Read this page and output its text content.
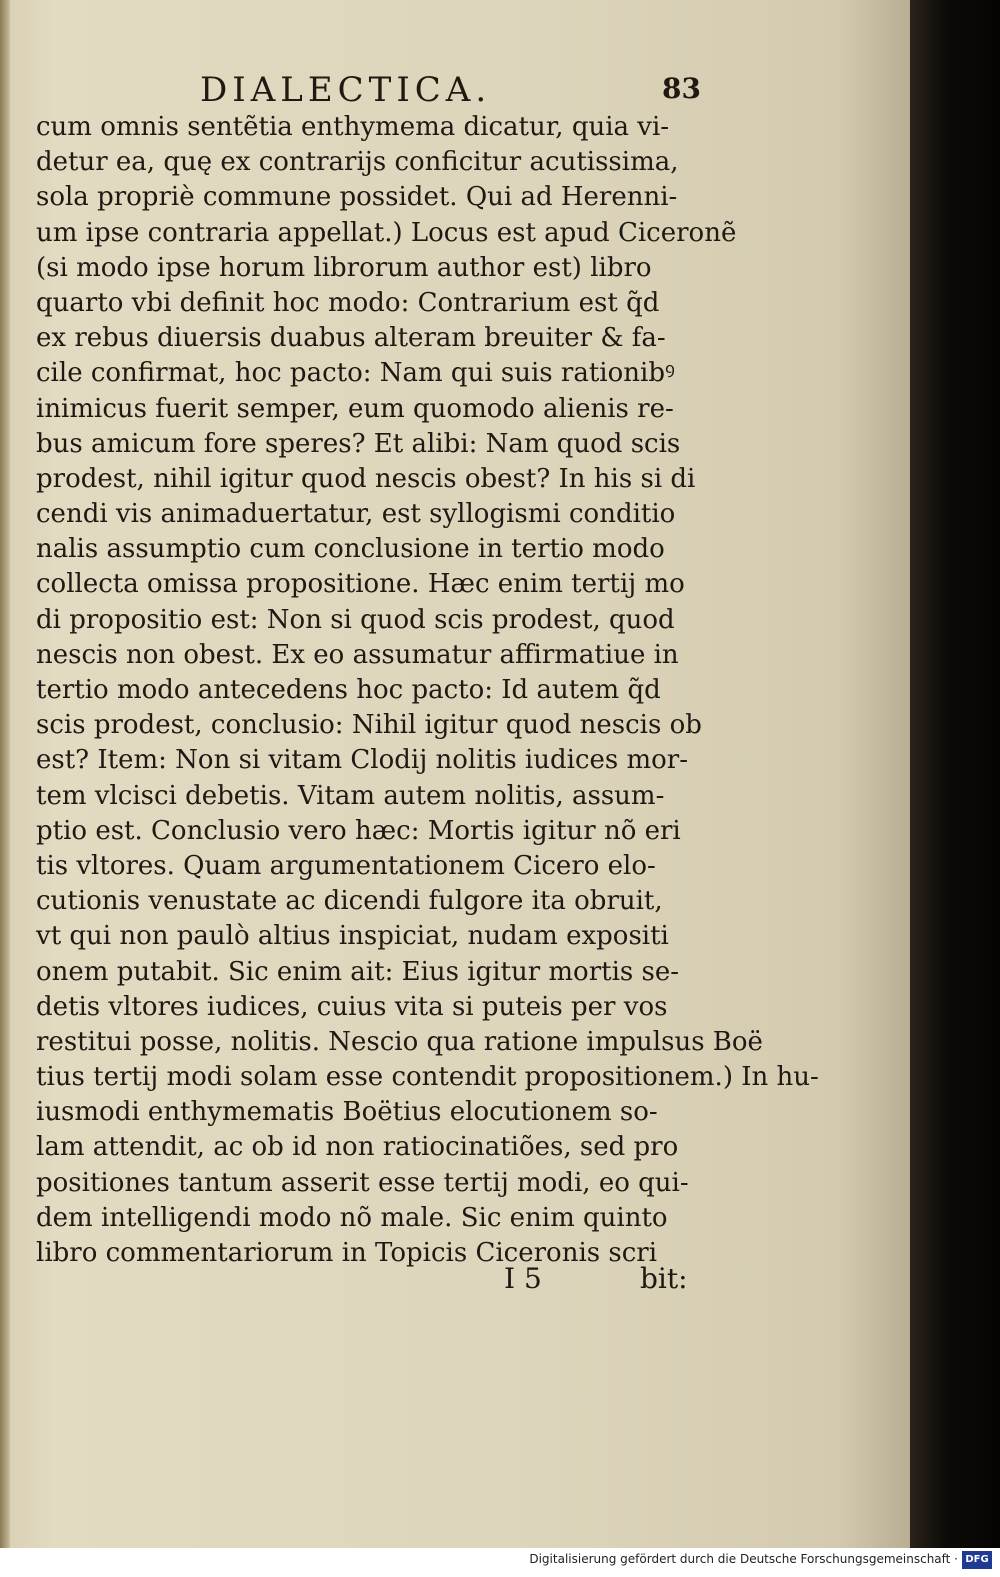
DIALECTICA.	83
cum omnis sentẽtia enthymema dicatur, quia vi-
detur ea, quę ex contrarijs conficitur acutissima,
sola propriè commune possidet. Qui ad Herenni-
um ipse contraria appellat.) Locus est apud Ciceronẽ
(si modo ipse horum librorum author est) libro
quarto vbi definit hoc modo: Contrarium est q̃d
ex rebus diuersis duabus alteram breuiter & fa-
cile confirmat, hoc pacto: Nam qui suis rationibꝰ
inimicus fuerit semper, eum quomodo alienis re-
bus amicum fore speres? Et alibi: Nam quod scis
prodest, nihil igitur quod nescis obest? In his si di
cendi vis animaduertatur, est syllogismi conditio
nalis assumptio cum conclusione in tertio modo
collecta omissa propositione. Hæc enim tertij mo
di propositio est: Non si quod scis prodest, quod
nescis non obest. Ex eo assumatur affirmatiue in
tertio modo antecedens hoc pacto: Id autem q̃d
scis prodest, conclusio: Nihil igitur quod nescis ob
est? Item: Non si vitam Clodij nolitis iudices mor-
tem vlcisci debetis. Vitam autem nolitis, assum-
ptio est. Conclusio vero hæc: Mortis igitur nõ eri
tis vltores. Quam argumentationem Cicero elo-
cutionis venustate ac dicendi fulgore ita obruit,
vt qui non paulò altius inspiciat, nudam expositi
onem putabit. Sic enim ait: Eius igitur mortis se-
detis vltores iudices, cuius vita si puteis per vos
restitui posse, nolitis. Nescio qua ratione impulsus Boë
tius tertij modi solam esse contendit propositionem.) In hu-
iusmodi enthymematis Boëtius elocutionem so-
lam attendit, ac ob id non ratiocinatiões, sed pro
positiones tantum asserit esse tertij modi, eo qui-
dem intelligendi modo nõ male. Sic enim quinto
libro commentariorum in Topicis Ciceronis scri
I 5	bit:
Digitalisierung gefördert durch die Deutsche Forschungsgemeinschaft · DFG
